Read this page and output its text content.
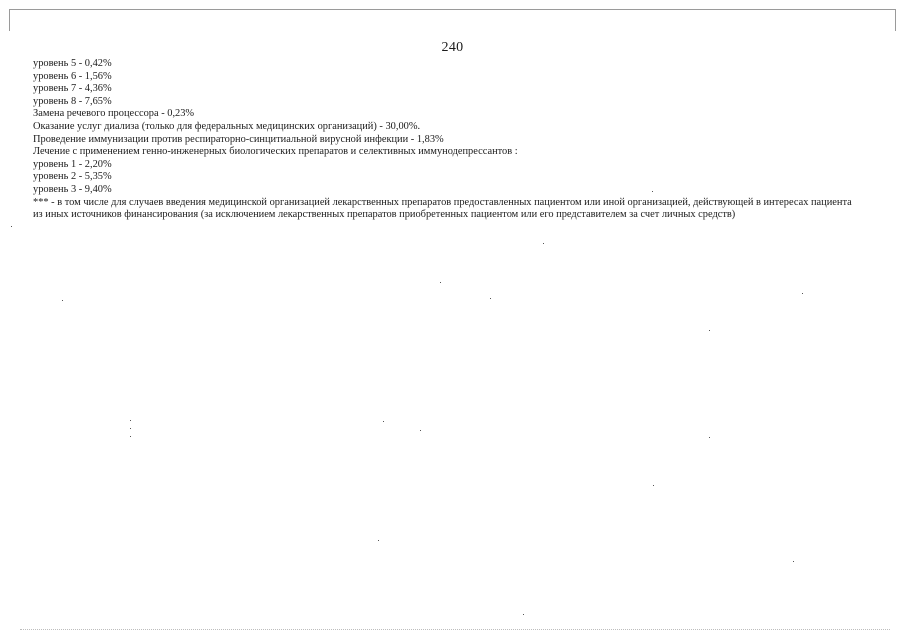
240
уровень 5 - 0,42%
уровень 6 - 1,56%
уровень 7 - 4,36%
уровень 8 - 7,65%
Замена речевого процессора - 0,23%
Оказание услуг диализа (только для федеральных медицинских организаций) - 30,00%.
Проведение иммунизации против респираторно-синцитиальной вирусной инфекции - 1,83%
Лечение с применением генно-инженерных биологических препаратов и селективных иммунодепрессантов :
уровень 1 - 2,20%
уровень 2 - 5,35%
уровень 3 - 9,40%
*** - в том числе для случаев введения медицинской организацией лекарственных препаратов предоставленных пациентом или иной организацией, действующей в интересах пациента из иных источников финансирования (за исключением лекарственных препаратов приобретенных пациентом или его представителем за счет личных средств)
